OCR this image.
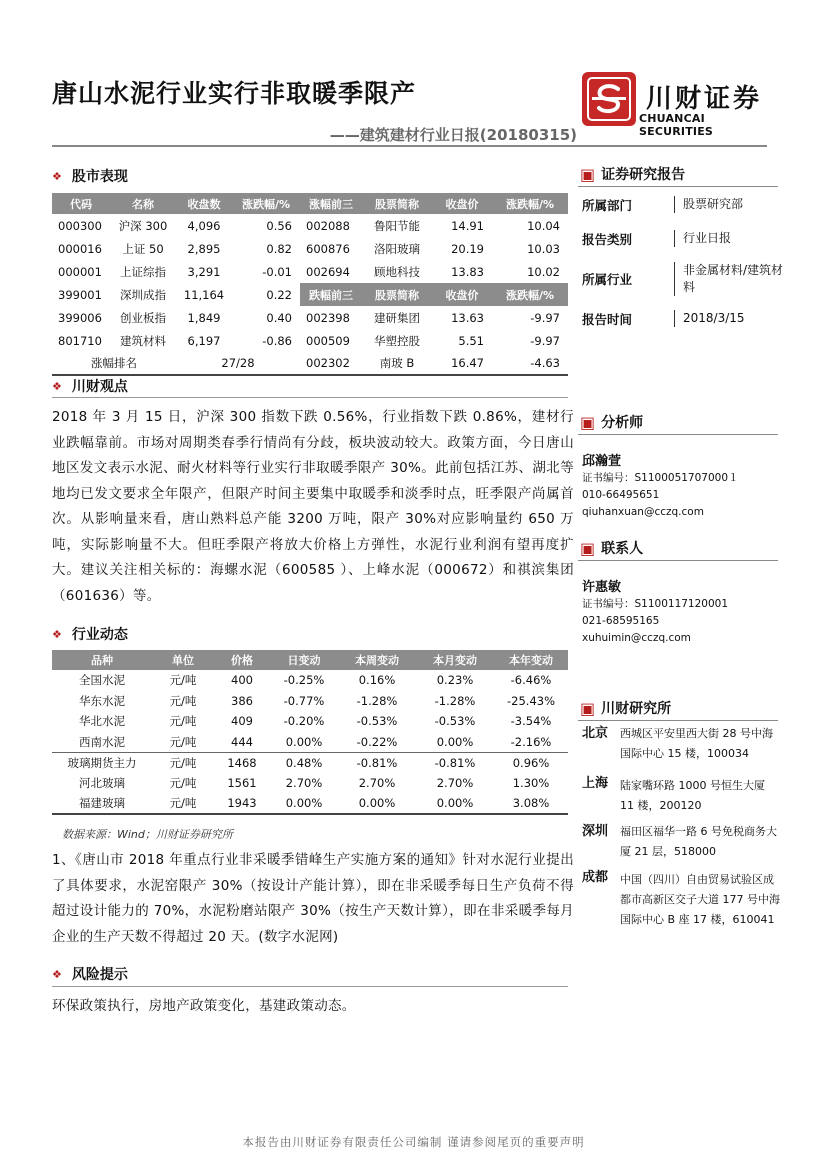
唐山水泥行业实行非取暖季限产
——建筑建材行业日报(20180315)
川财证券
CHUANCAI SECURITIES
❖ 股市表现
代码	名称	收盘数	涨跌幅/%	涨幅前三	股票简称	收盘价	涨跌幅/%
000300	沪深 300	4,096	0.56	002088	鲁阳节能	14.91	10.04
000016	上证 50	2,895	0.82	600876	洛阳玻璃	20.19	10.03
000001	上证综指	3,291	-0.01	002694	顾地科技	13.83	10.02
399001	深圳成指	11,164	0.22	跌幅前三	股票简称	收盘价	涨跌幅/%
399006	创业板指	1,849	0.40	002398	建研集团	13.63	-9.97
801710	建筑材料	6,197	-0.86	000509	华塑控股	5.51	-9.97
涨幅排名		27/28		002302	南玻 B	16.47	-4.63
❖ 川财观点
2018 年 3 月 15 日，沪深 300 指数下跌 0.56%，行业指数下跌 0.86%，建材行业跌幅靠前。市场对周期类春季行情尚有分歧，板块波动较大。政策方面，今日唐山地区发文表示水泥、耐火材料等行业实行非取暖季限产 30%。此前包括江苏、湖北等地均已发文要求全年限产，但限产时间主要集中取暖季和淡季时点，旺季限产尚属首次。从影响量来看，唐山熟料总产能 3200 万吨，限产 30%对应影响量约 650 万吨，实际影响量不大。但旺季限产将放大价格上方弹性，水泥行业利润有望再度扩大。建议关注相关标的：海螺水泥（600585 ）、上峰水泥（000672）和祺滨集团（601636）等。
❖ 行业动态
品种	单位	价格	日变动	本周变动	本月变动	本年变动
全国水泥	元/吨	400	-0.25%	0.16%	0.23%	-6.46%
华东水泥	元/吨	386	-0.77%	-1.28%	-1.28%	-25.43%
华北水泥	元/吨	409	-0.20%	-0.53%	-0.53%	-3.54%
西南水泥	元/吨	444	0.00%	-0.22%	0.00%	-2.16%
玻璃期货主力	元/吨	1468	0.48%	-0.81%	-0.81%	0.96%
河北玻璃	元/吨	1561	2.70%	2.70%	2.70%	1.30%
福建玻璃	元/吨	1943	0.00%	0.00%	0.00%	3.08%
数据来源：Wind；川财证券研究所
1、《唐山市 2018 年重点行业非采暖季错峰生产实施方案的通知》针对水泥行业提出了具体要求，水泥窑限产 30%（按设计产能计算），即在非采暖季每日生产负荷不得超过设计能力的 70%，水泥粉磨站限产 30%（按生产天数计算），即在非采暖季每月企业的生产天数不得超过 20 天。(数字水泥网)
❖ 风险提示
环保政策执行，房地产政策变化，基建政策动态。
▣ 证券研究报告
所属部门	股票研究部
报告类别	行业日报
所属行业
非金属材料/建筑材料
报告时间	2018/3/15
▣ 分析师
邱瀚萱
证书编号：S1100051707000１
010-66495651
qiuhanxuan@cczq.com
▣ 联系人
许惠敏
证书编号：S1100117120001
021-68595165
xuhuimin@cczq.com
▣ 川财研究所
北京 西城区平安里西大街 28 号中海国际中心 15 楼，100034
上海 陆家嘴环路 1000 号恒生大厦 11 楼，200120
深圳 福田区福华一路 6 号免税商务大厦 21 层，518000
成都 中国（四川）自由贸易试验区成都市高新区交子大道 177 号中海国际中心 B 座 17 楼，610041
本报告由川财证券有限责任公司编制 谨请参阅尾页的重要声明
